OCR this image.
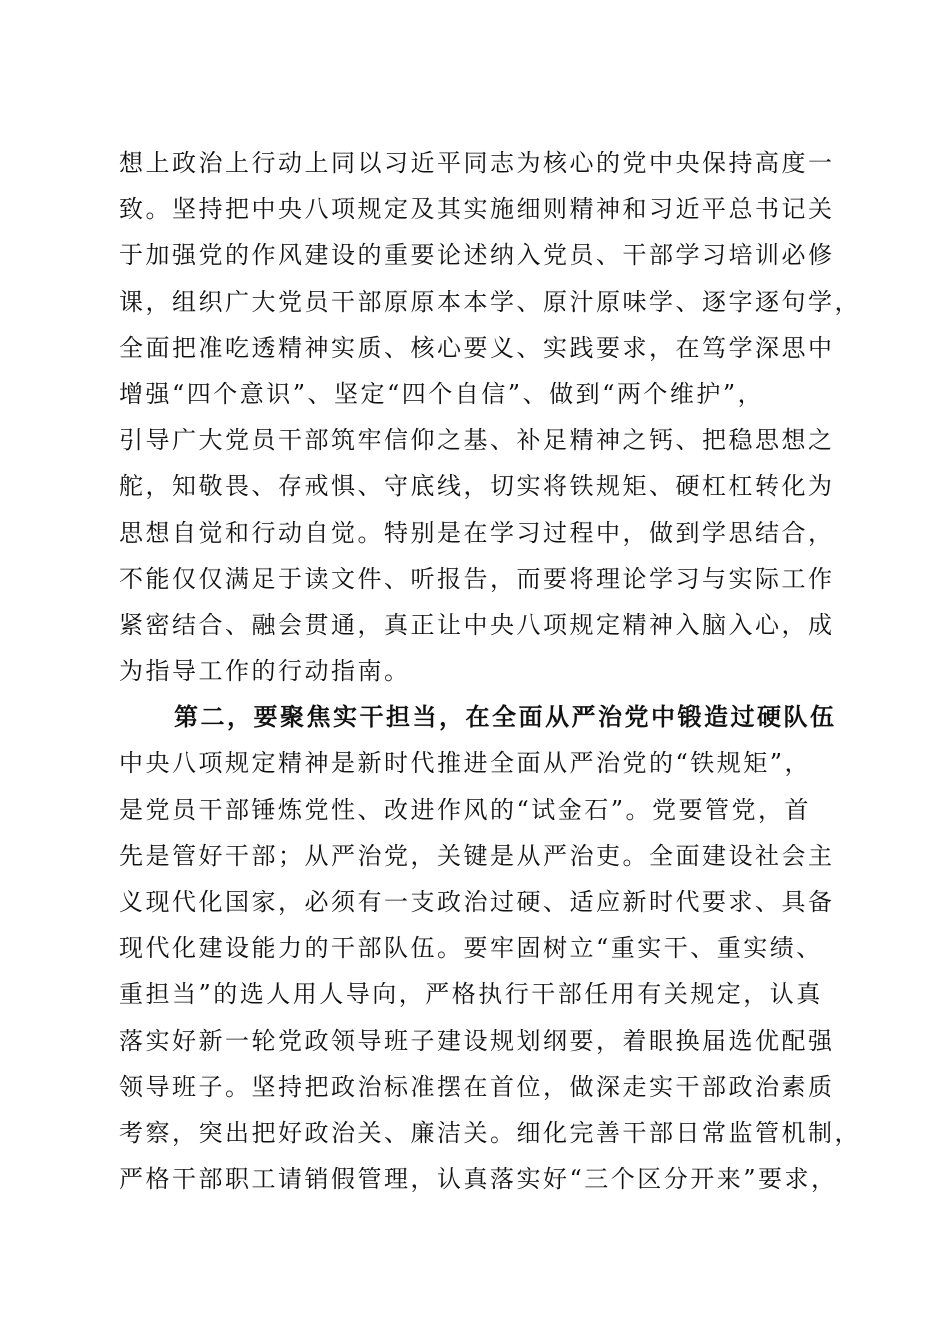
想上政治上行动上同以习近平同志为核心的党中央保持高度一
致。坚持把中央八项规定及其实施细则精神和习近平总书记关
于加强党的作风建设的重要论述纳入党员、干部学习培训必修
课，组织广大党员干部原原本本学、原汁原味学、逐字逐句学，
全面把准吃透精神实质、核心要义、实践要求，在笃学深思中
增强“四个意识”、坚定“四个自信”、做到“两个维护”，
引导广大党员干部筑牢信仰之基、补足精神之钙、把稳思想之
舵，知敬畏、存戒惧、守底线，切实将铁规矩、硬杠杠转化为
思想自觉和行动自觉。特别是在学习过程中，做到学思结合，
不能仅仅满足于读文件、听报告，而要将理论学习与实际工作
紧密结合、融会贯通，真正让中央八项规定精神入脑入心，成
为指导工作的行动指南。
第二，要聚焦实干担当，在全面从严治党中锻造过硬队伍
中央八项规定精神是新时代推进全面从严治党的“铁规矩”，
是党员干部锤炼党性、改进作风的“试金石”。党要管党，首
先是管好干部；从严治党，关键是从严治吏。全面建设社会主
义现代化国家，必须有一支政治过硬、适应新时代要求、具备
现代化建设能力的干部队伍。要牢固树立“重实干、重实绩、
重担当”的选人用人导向，严格执行干部任用有关规定，认真
落实好新一轮党政领导班子建设规划纲要，着眼换届选优配强
领导班子。坚持把政治标准摆在首位，做深走实干部政治素质
考察，突出把好政治关、廉洁关。细化完善干部日常监管机制，
严格干部职工请销假管理，认真落实好“三个区分开来”要求，
